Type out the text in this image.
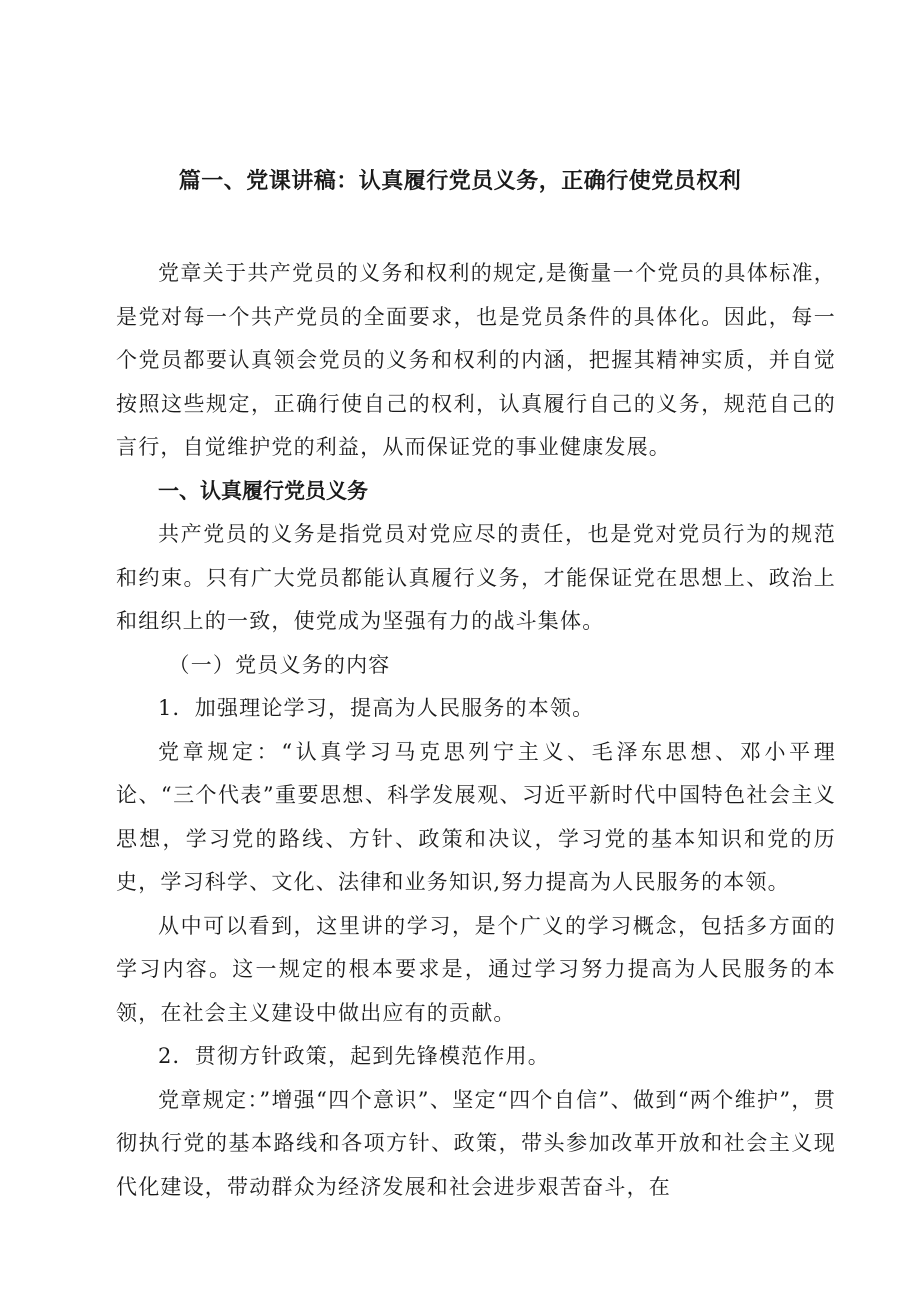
篇一、党课讲稿：认真履行党员义务，正确行使党员权利

党章关于共产党员的义务和权利的规定,是衡量一个党员的具体标准，是党对每一个共产党员的全面要求，也是党员条件的具体化。因此，每一个党员都要认真领会党员的义务和权利的内涵，把握其精神实质，并自觉按照这些规定，正确行使自己的权利，认真履行自己的义务，规范自己的言行，自觉维护党的利益，从而保证党的事业健康发展。

一、认真履行党员义务

共产党员的义务是指党员对党应尽的责任，也是党对党员行为的规范和约束。只有广大党员都能认真履行义务，才能保证党在思想上、政治上和组织上的一致，使党成为坚强有力的战斗集体。

（一）党员义务的内容

1．加强理论学习，提高为人民服务的本领。

党章规定：“认真学习马克思列宁主义、毛泽东思想、邓小平理论、“三个代表”重要思想、科学发展观、习近平新时代中国特色社会主义思想，学习党的路线、方针、政策和决议，学习党的基本知识和党的历史，学习科学、文化、法律和业务知识,努力提高为人民服务的本领。

从中可以看到，这里讲的学习，是个广义的学习概念，包括多方面的学习内容。这一规定的根本要求是，通过学习努力提高为人民服务的本领，在社会主义建设中做出应有的贡献。

2．贯彻方针政策，起到先锋模范作用。

党章规定：”增强“四个意识”、坚定“四个自信”、做到“两个维护”，贯彻执行党的基本路线和各项方针、政策，带头参加改革开放和社会主义现代化建设，带动群众为经济发展和社会进步艰苦奋斗，在
